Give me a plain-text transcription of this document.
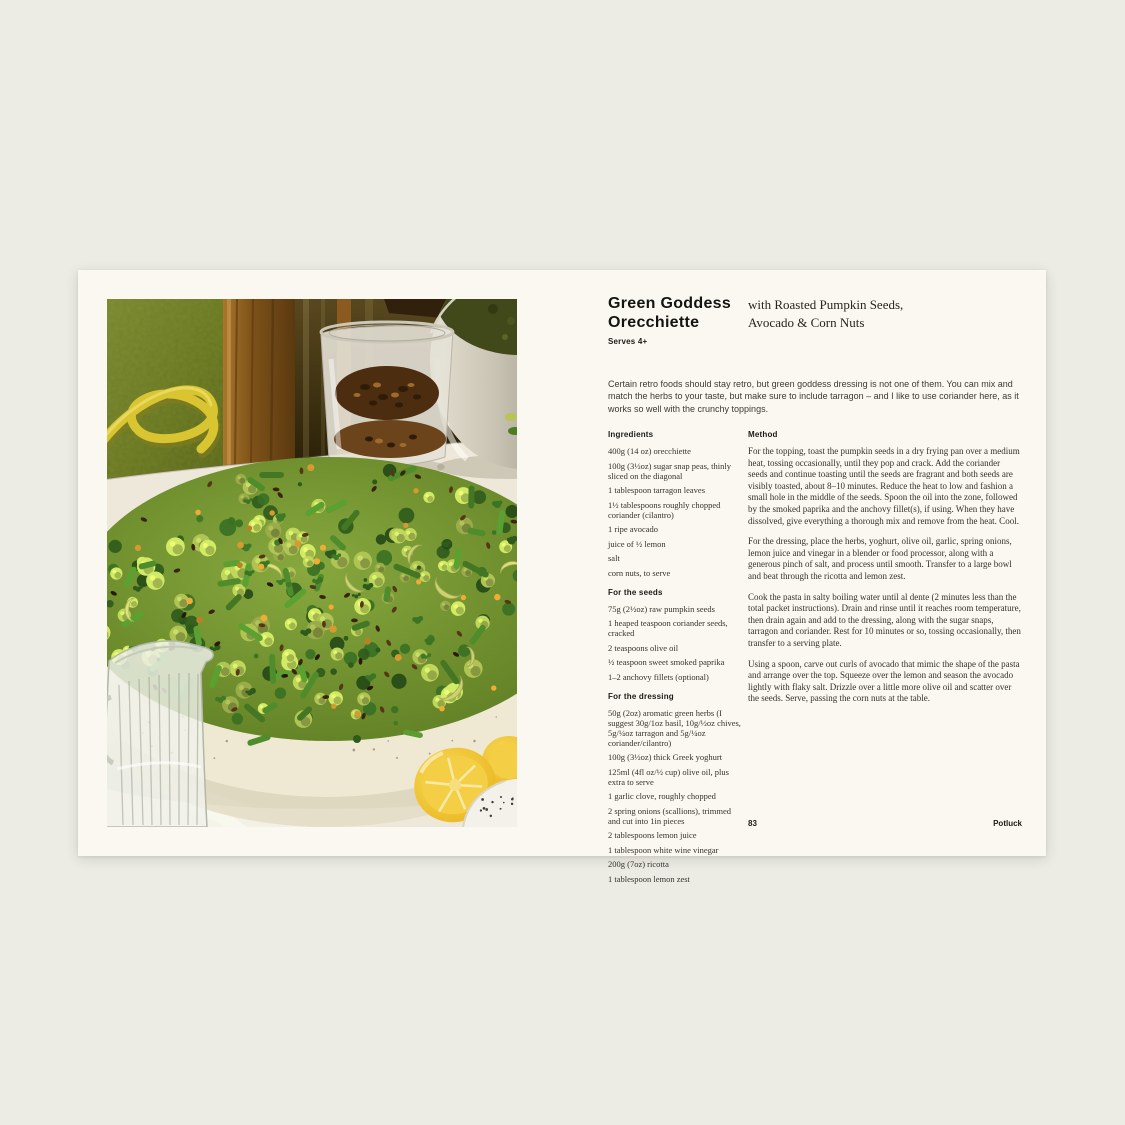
Green Goddess
Orecchiette
with Roasted Pumpkin Seeds,
Avocado & Corn Nuts
Serves 4+
Certain retro foods should stay retro, but green goddess dressing is not one of them. You can mix and match the herbs to your taste, but make sure to include tarragon – and I like to use coriander here, as it works so well with the crunchy toppings.
Ingredients
400g (14 oz) orecchiette
100g (3½oz) sugar snap peas, thinly sliced on the diagonal
1 tablespoon tarragon leaves
1½ tablespoons roughly chopped coriander (cilantro)
1 ripe avocado
juice of ½ lemon
salt
corn nuts, to serve
For the seeds
75g (2½oz) raw pumpkin seeds
1 heaped teaspoon coriander seeds, cracked
2 teaspoons olive oil
½ teaspoon sweet smoked paprika
1–2 anchovy fillets (optional)
For the dressing
50g (2oz) aromatic green herbs (I suggest 30g/1oz basil, 10g/½oz chives, 5g/¼oz tarragon and 5g/¼oz coriander/cilantro)
100g (3½oz) thick Greek yoghurt
125ml (4fl oz/½ cup) olive oil, plus extra to serve
1 garlic clove, roughly chopped
2 spring onions (scallions), trimmed and cut into 1in pieces
2 tablespoons lemon juice
1 tablespoon white wine vinegar
200g (7oz) ricotta
1 tablespoon lemon zest
Method
For the topping, toast the pumpkin seeds in a dry frying pan over a medium heat, tossing occasionally, until they pop and crack. Add the coriander seeds and continue toasting until the seeds are fragrant and both seeds are visibly toasted, about 8–10 minutes. Reduce the heat to low and fashion a small hole in the middle of the seeds. Spoon the oil into the zone, followed by the smoked paprika and the anchovy fillet(s), if using. When they have dissolved, give everything a thorough mix and remove from the heat. Cool.
For the dressing, place the herbs, yoghurt, olive oil, garlic, spring onions, lemon juice and vinegar in a blender or food processor, along with a generous pinch of salt, and process until smooth. Transfer to a large bowl and beat through the ricotta and lemon zest.
Cook the pasta in salty boiling water until al dente (2 minutes less than the total packet instructions). Drain and rinse until it reaches room temperature, then drain again and add to the dressing, along with the sugar snaps, tarragon and coriander. Rest for 10 minutes or so, tossing occasionally, then transfer to a serving plate.
Using a spoon, carve out curls of avocado that mimic the shape of the pasta and arrange over the top. Squeeze over the lemon and season the avocado lightly with flaky salt. Drizzle over a little more olive oil and scatter over the seeds. Serve, passing the corn nuts at the table.
83	Potluck
